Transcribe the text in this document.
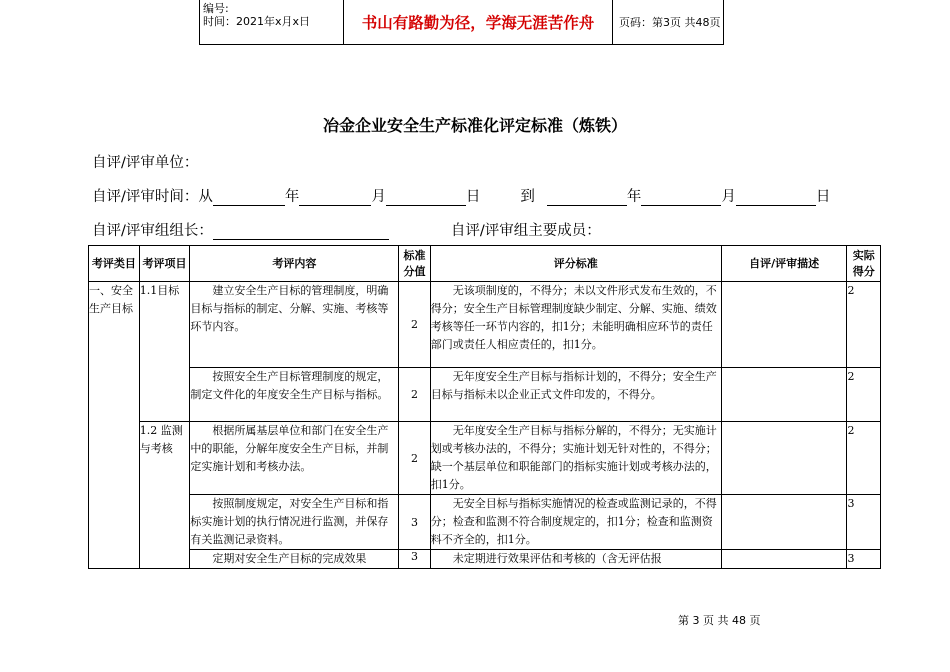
编号:
时间：2021年x月x日	书山有路勤为径，学海无涯苦作舟	页码：第3页 共48页
冶金企业安全生产标准化评定标准（炼铁）
自评/评审单位：
自评/评审时间：从	年	月	日	到	年	月	日
自评/评审组组长：	自评/评审组主要成员：
考评类目	考评项目	考评内容	标准分值	评分标准	自评/评审描述	实际得分
一、安全生产目标	1.1目标	建立安全生产目标的管理制度，明确目标与指标的制定、分解、实施、考核等环节内容。	2	无该项制度的，不得分；未以文件形式发布生效的，不得分；安全生产目标管理制度缺少制定、分解、实施、绩效考核等任一环节内容的，扣1分；未能明确相应环节的责任部门或责任人相应责任的，扣1分。		2
		按照安全生产目标管理制度的规定，制定文件化的年度安全生产目标与指标。	2	无年度安全生产目标与指标计划的，不得分；安全生产目标与指标未以企业正式文件印发的，不得分。		2
	1.2 监测与考核	根据所属基层单位和部门在安全生产中的职能，分解年度安全生产目标，并制定实施计划和考核办法。	2	无年度安全生产目标与指标分解的，不得分；无实施计划或考核办法的，不得分；实施计划无针对性的，不得分；缺一个基层单位和职能部门的指标实施计划或考核办法的，扣1分。		2
		按照制度规定，对安全生产目标和指标实施计划的执行情况进行监测，并保存有关监测记录资料。	3	无安全目标与指标实施情况的检查或监测记录的，不得分；检查和监测不符合制度规定的，扣1分；检查和监测资料不齐全的，扣1分。		3
		定期对安全生产目标的完成效果	3	未定期进行效果评估和考核的（含无评估报		3
第 3 页 共 48 页
